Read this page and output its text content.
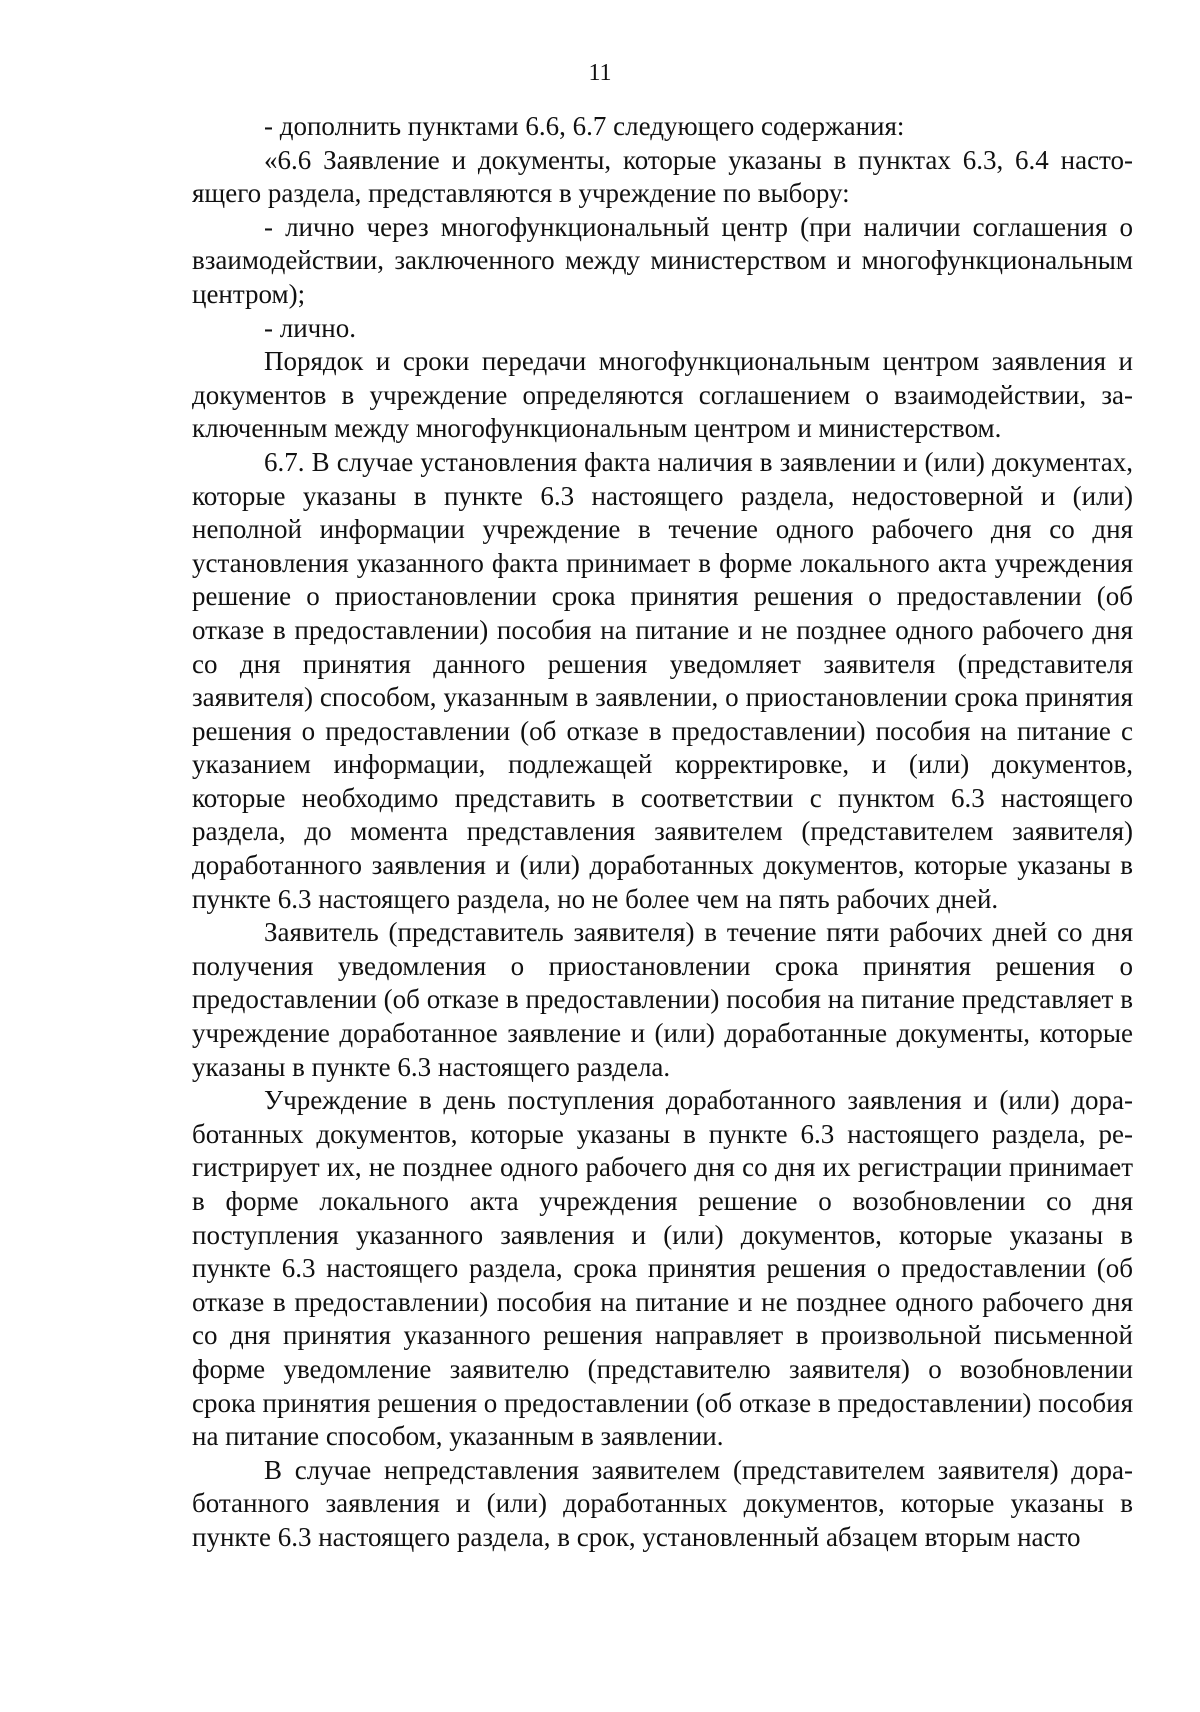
11

- дополнить пунктами 6.6, 6.7 следующего содержания:

«6.6 Заявление и документы, которые указаны в пунктах 6.3, 6.4 настоящего раздела, представляются в учреждение по выбору:

- лично через многофункциональный центр (при наличии соглашения о взаимодействии, заключенного между министерством и многофункциональным центром);

- лично.

Порядок и сроки передачи многофункциональным центром заявления и документов в учреждение определяются соглашением о взаимодействии, заключенным между многофункциональным центром и министерством.

6.7. В случае установления факта наличия в заявлении и (или) документах, которые указаны в пункте 6.3 настоящего раздела, недостоверной и (или) неполной информации учреждение в течение одного рабочего дня со дня установления указанного факта принимает в форме локального акта учреждения решение о приостановлении срока принятия решения о предоставлении (об отказе в предоставлении) пособия на питание и не позднее одного рабочего дня со дня принятия данного решения уведомляет заявителя (представителя заявителя) способом, указанным в заявлении, о приостановлении срока принятия решения о предоставлении (об отказе в предоставлении) пособия на питание с указанием информации, подлежащей корректировке, и (или) документов, которые необходимо представить в соответствии с пунктом 6.3 настоящего раздела, до момента представления заявителем (представителем заявителя) доработанного заявления и (или) доработанных документов, которые указаны в пункте 6.3 настоящего раздела, но не более чем на пять рабочих дней.

Заявитель (представитель заявителя) в течение пяти рабочих дней со дня получения уведомления о приостановлении срока принятия решения о предоставлении (об отказе в предоставлении) пособия на питание представляет в учреждение доработанное заявление и (или) доработанные документы, которые указаны в пункте 6.3 настоящего раздела.

Учреждение в день поступления доработанного заявления и (или) доработанных документов, которые указаны в пункте 6.3 настоящего раздела, регистрирует их, не позднее одного рабочего дня со дня их регистрации принимает в форме локального акта учреждения решение о возобновлении со дня поступления указанного заявления и (или) документов, которые указаны в пункте 6.3 настоящего раздела, срока принятия решения о предоставлении (об отказе в предоставлении) пособия на питание и не позднее одного рабочего дня со дня принятия указанного решения направляет в произвольной письменной форме уведомление заявителю (представителю заявителя) о возобновлении срока принятия решения о предоставлении (об отказе в предоставлении) пособия на питание способом, указанным в заявлении.

В случае непредставления заявителем (представителем заявителя) доработанного заявления и (или) доработанных документов, которые указаны в пункте 6.3 настоящего раздела, в срок, установленный абзацем вторым насто
